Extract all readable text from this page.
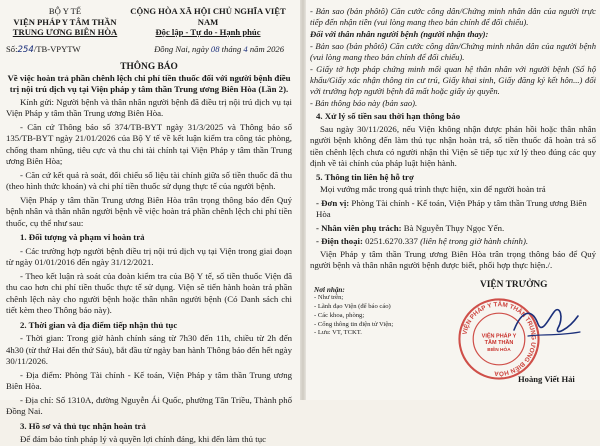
BỘ Y TẾ
VIỆN PHÁP Y TÂM THẦN
TRUNG ƯƠNG BIÊN HÒA
CỘNG HÒA XÃ HỘI CHỦ NGHĨA VIỆT NAM
Độc lập - Tự do - Hạnh phúc
Số:254/TB-VPYTW	Đồng Nai, ngày 08 tháng 4 năm 2026
THÔNG BÁO
Về việc hoàn trả phần chênh lệch chi phí tiền thuốc đối với người bệnh điều trị nội trú dịch vụ tại Viện pháp y tâm thần Trung ương Biên Hòa (Lần 2).

Kính gửi: Người bệnh và thân nhân người bệnh đã điều trị nội trú dịch vụ tại Viện Pháp y tâm thần Trung ương Biên Hòa.

- Căn cứ Thông báo số 374/TB-BYT ngày 31/3/2025 và Thông báo số 135/TB-BYT ngày 21/01/2026 của Bộ Y tế về kết luận kiểm tra công tác phòng, chống tham nhũng, tiêu cực và thu chi tài chính tại Viện Pháp y tâm thần Trung ương Biên Hòa;

- Căn cứ kết quả rà soát, đối chiếu số liệu tài chính giữa số tiền thuốc đã thu (theo hình thức khoán) và chi phí tiền thuốc sử dụng thực tế của người bệnh.

Viện Pháp y tâm thần Trung ương Biên Hòa trân trọng thông báo đến Quý bệnh nhân và thân nhân người bệnh về việc hoàn trả phần chênh lệch chi phí tiền thuốc, cụ thể như sau:

1. Đối tượng và phạm vi hoàn trả

- Các trường hợp người bệnh điều trị nội trú dịch vụ tại Viện trong giai đoạn từ ngày 01/01/2016 đến ngày 31/12/2021.

- Theo kết luận rà soát của đoàn kiểm tra của Bộ Y tế, số tiền thuốc Viện đã thu cao hơn chi phí tiền thuốc thực tế sử dụng. Viện sẽ tiến hành hoàn trả phần chênh lệch này cho người bệnh hoặc thân nhân người bệnh (Có Danh sách chi tiết kèm theo Thông báo này).

2. Thời gian và địa điểm tiếp nhận thủ tục

- Thời gian: Trong giờ hành chính sáng từ 7h30 đến 11h, chiều từ 2h đến 4h30 (từ thứ Hai đến thứ Sáu), bắt đầu từ ngày ban hành Thông báo đến hết ngày 30/11/2026.

- Địa điểm: Phòng Tài chính - Kế toán, Viện Pháp y tâm thần Trung ương Biên Hòa.

- Địa chỉ: Số 1310A, đường Nguyễn Ái Quốc, phường Tân Triều, Thành phố Đồng Nai.

3. Hồ sơ và thủ tục nhận hoàn trả

Để đảm bảo tính pháp lý và quyền lợi chính đáng, khi đến làm thủ tục

- Bản sao (bản phôtô) Căn cước công dân/Chứng minh nhân dân của người trực tiếp đến nhận tiền (vui lòng mang theo bản chính để đối chiếu).

Đối với thân nhân người bệnh (người nhận thay):

- Bản sao (bản phôtô) Căn cước công dân/Chứng minh nhân dân của người bệnh (vui lòng mang theo bản chính để đối chiếu).

- Giấy tờ hợp pháp chứng minh mối quan hệ thân nhân với người bệnh (Sổ hộ khẩu/Giấy xác nhận thông tin cư trú, Giấy khai sinh, Giấy đăng ký kết hôn...) đối với trường hợp người bệnh đã mất hoặc giấy ủy quyền.

- Bản thông báo này (bản sao).

4. Xử lý số tiền sau thời hạn thông báo

Sau ngày 30/11/2026, nếu Viện không nhận được phản hồi hoặc thân nhân người bệnh không đến làm thủ tục nhận hoàn trả, số tiền thuốc đã hoàn trả số tiền chênh lệch chưa có người nhận thì Viện sẽ tiếp tục xử lý theo đúng các quy định về tài chính của pháp luật hiện hành.

5. Thông tin liên hệ hỗ trợ

Mọi vướng mắc trong quá trình thực hiện, xin để người hoàn trả

- Đơn vị: Phòng Tài chính - Kế toán, Viện Pháp y tâm thần Trung ương Biên Hòa
- Nhân viên phụ trách: Bà Nguyễn Thụy Ngọc Yến.
- Điện thoại: 0251.6270.337 (liên hệ trong giờ hành chính).

Viện Pháp y tâm thần Trung ương Biên Hòa trân trọng thông báo để Quý người bệnh và thân nhân người bệnh được biết, phối hợp thực hiện./.

Nơi nhận:
- Như trên;
- Lãnh đạo Viện (để báo cáo)
- Các khoa, phòng;
- Cổng thông tin điện tử Viện;
- Lưu: VT, TCKT.
VIỆN TRƯỞNG
VIỆN PHÁP Y TÂM THẦN TRUNG ƯƠNG BIÊN HÒA
VIỆN PHÁP Y
TÂM THẦN
BIÊN HÒA
Hoàng Viết Hải
